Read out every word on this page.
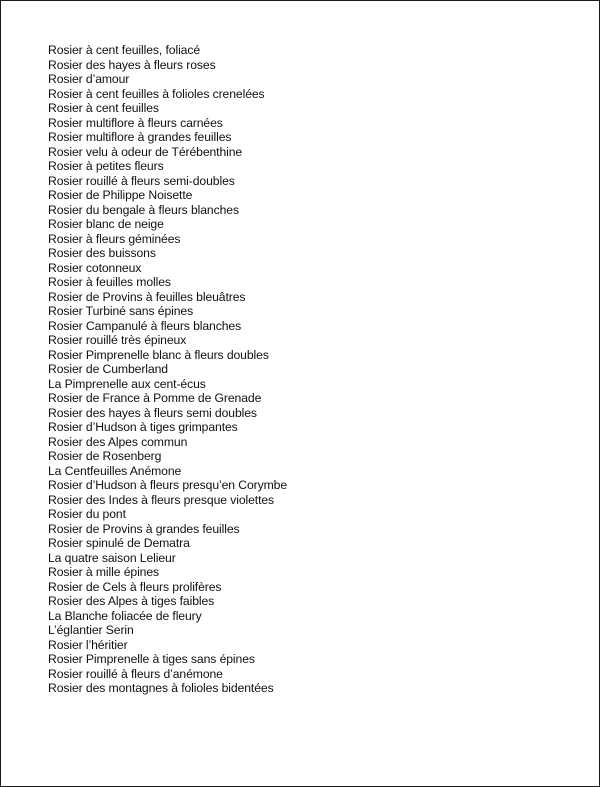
Rosier à cent feuilles, foliacé
Rosier des hayes à fleurs roses
Rosier d’amour
Rosier à cent feuilles à folioles crenelées
Rosier à cent feuilles
Rosier multiflore à fleurs carnées
Rosier multiflore à grandes feuilles
Rosier velu à odeur de Térébenthine
Rosier à petites fleurs
Rosier rouillé à fleurs semi-doubles
Rosier de Philippe Noisette
Rosier du bengale à fleurs blanches
Rosier blanc de neige
Rosier à fleurs géminées
Rosier des buissons
Rosier cotonneux
Rosier à feuilles molles
Rosier de Provins à feuilles bleuâtres
Rosier Turbiné sans épines
Rosier Campanulé à fleurs blanches
Rosier rouillé très épineux
Rosier Pimprenelle blanc à fleurs doubles
Rosier de Cumberland
La Pimprenelle aux cent-écus
Rosier de France à Pomme de Grenade
Rosier des hayes à fleurs semi doubles
Rosier d’Hudson à tiges grimpantes
Rosier des Alpes commun
Rosier de Rosenberg
La Centfeuilles Anémone
Rosier d’Hudson à fleurs presqu’en Corymbe
Rosier des Indes à fleurs presque violettes
Rosier du pont
Rosier de Provins à grandes feuilles
Rosier spinulé de Dematra
La quatre saison Lelieur
Rosier à mille épines
Rosier de Cels à fleurs prolifères
Rosier des Alpes à tiges faibles
La Blanche foliacée de fleury
L’églantier Serin
Rosier l’héritier
Rosier Pimprenelle à tiges sans épines
Rosier rouillé à fleurs d’anémone
Rosier des montagnes à folioles bidentées
